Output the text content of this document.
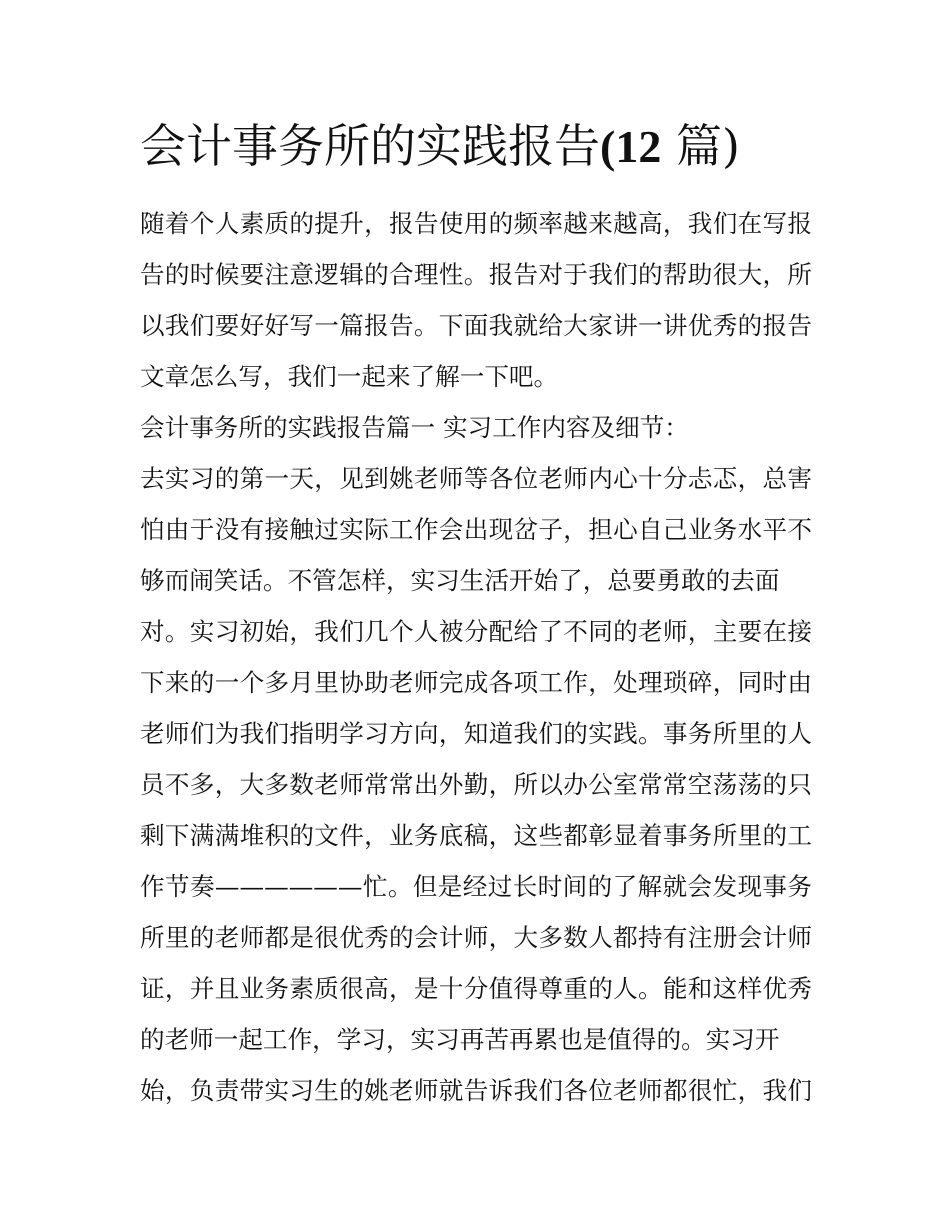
会计事务所的实践报告(12 篇)

随着个人素质的提升，报告使用的频率越来越高，我们在写报

告的时候要注意逻辑的合理性。报告对于我们的帮助很大，所

以我们要好好写一篇报告。下面我就给大家讲一讲优秀的报告

文章怎么写，我们一起来了解一下吧。

会计事务所的实践报告篇一 实习工作内容及细节：

去实习的第一天，见到姚老师等各位老师内心十分忐忑，总害

怕由于没有接触过实际工作会出现岔子，担心自己业务水平不

够而闹笑话。不管怎样，实习生活开始了，总要勇敢的去面

对。实习初始，我们几个人被分配给了不同的老师，主要在接

下来的一个多月里协助老师完成各项工作，处理琐碎，同时由

老师们为我们指明学习方向，知道我们的实践。事务所里的人

员不多，大多数老师常常出外勤，所以办公室常常空荡荡的只

剩下满满堆积的文件，业务底稿，这些都彰显着事务所里的工

作节奏——————忙。但是经过长时间的了解就会发现事务

所里的老师都是很优秀的会计师，大多数人都持有注册会计师

证，并且业务素质很高，是十分值得尊重的人。能和这样优秀

的老师一起工作，学习，实习再苦再累也是值得的。实习开

始，负责带实习生的姚老师就告诉我们各位老师都很忙，我们
